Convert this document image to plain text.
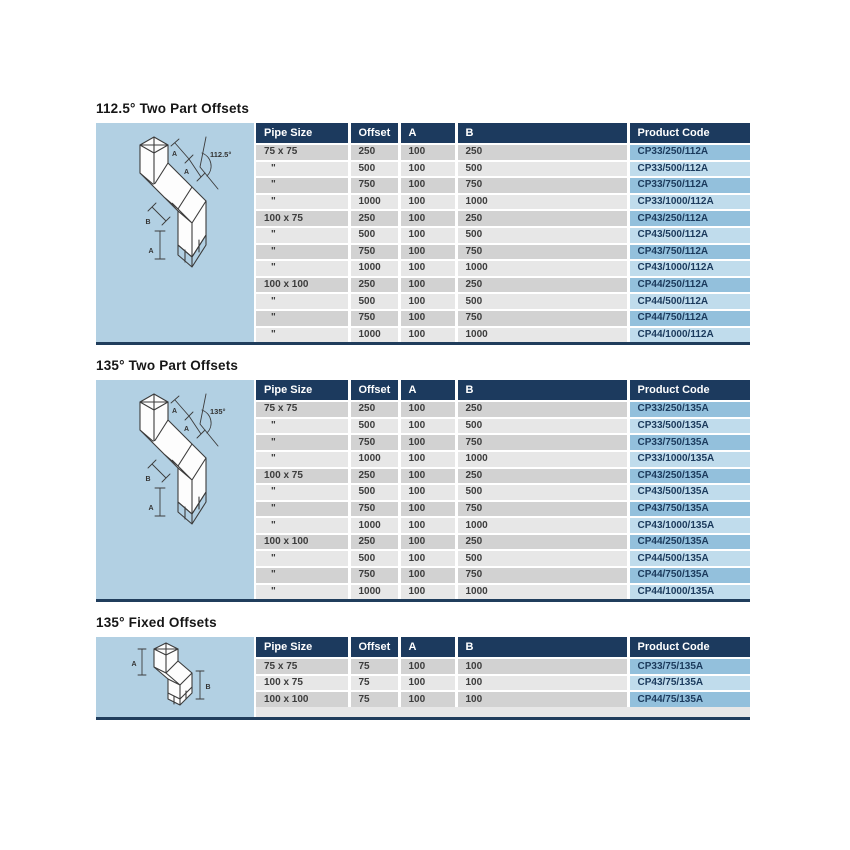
112.5° Two Part Offsets
A
A
112.5°
A
B
Pipe Size	Offset	A	B	Product Code
75 x 75	250	100	250	CP33/250/112A
"	500	100	500	CP33/500/112A
"	750	100	750	CP33/750/112A
"	1000	100	1000	CP33/1000/112A
100 x 75	250	100	250	CP43/250/112A
"	500	100	500	CP43/500/112A
"	750	100	750	CP43/750/112A
"	1000	100	1000	CP43/1000/112A
100 x 100	250	100	250	CP44/250/112A
"	500	100	500	CP44/500/112A
"	750	100	750	CP44/750/112A
"	1000	100	1000	CP44/1000/112A
135° Two Part Offsets
A
A
135°
B
A
Pipe Size	Offset	A	B	Product Code
75 x 75	250	100	250	CP33/250/135A
"	500	100	500	CP33/500/135A
"	750	100	750	CP33/750/135A
"	1000	100	1000	CP33/1000/135A
100 x 75	250	100	250	CP43/250/135A
"	500	100	500	CP43/500/135A
"	750	100	750	CP43/750/135A
"	1000	100	1000	CP43/1000/135A
100 x 100	250	100	250	CP44/250/135A
"	500	100	500	CP44/500/135A
"	750	100	750	CP44/750/135A
"	1000	100	1000	CP44/1000/135A
135° Fixed Offsets
A
B
Pipe Size	Offset	A	B	Product Code
75 x 75	75	100	100	CP33/75/135A
100 x 75	75	100	100	CP43/75/135A
100 x 100	75	100	100	CP44/75/135A
